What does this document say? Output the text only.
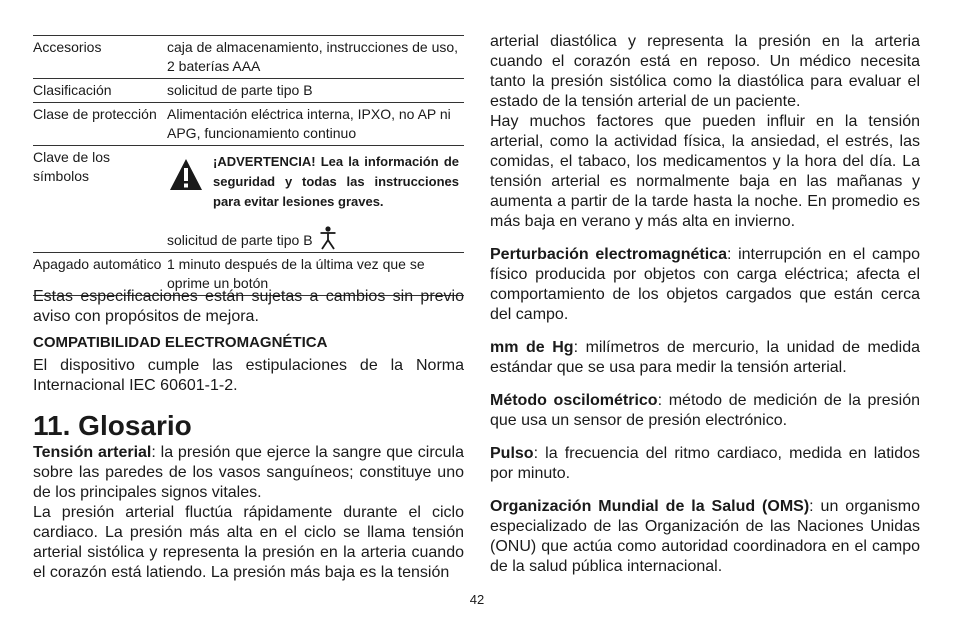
Accesorios	caja de almacenamiento, instrucciones de uso, 2 baterías AAA
Clasificación	solicitud de parte tipo B
Clase de protección	Alimentación eléctrica interna, IPXO, no AP ni APG, funcionamiento continuo
Clave de los símbolos	¡ADVERTENCIA! Lea la información de seguridad y todas las instrucciones para evitar lesiones graves.
solicitud de parte tipo B

Apagado automático	1 minuto después de la última vez que se oprime un botón

Estas especificaciones están sujetas a cambios sin previo aviso con propósitos de mejora.

COMPATIBILIDAD ELECTROMAGNÉTICA

El dispositivo cumple las estipulaciones de la Norma Internacional IEC 60601-1-2.

11. Glosario

Tensión arterial: la presión que ejerce la sangre que circula sobre las paredes de los vasos sanguíneos; constituye uno de los principales signos vitales.

La presión arterial fluctúa rápidamente durante el ciclo cardiaco. La presión más alta en el ciclo se llama tensión arterial sistólica y representa la presión en la arteria cuando el corazón está latiendo. La presión más baja es la tensión

arterial diastólica y representa la presión en la arteria cuando el corazón está en reposo. Un médico necesita tanto la presión sistólica como la diastólica para evaluar el estado de la tensión arterial de un paciente.

Hay muchos factores que pueden influir en la tensión arterial, como la actividad física, la ansiedad, el estrés, las comidas, el tabaco, los medicamentos y la hora del día. La tensión arterial es normalmente baja en las mañanas y aumenta a partir de la tarde hasta la noche. En promedio es más baja en verano y más alta en invierno.

Perturbación electromagnética: interrupción en el campo físico producida por objetos con carga eléctrica; afecta el comportamiento de los objetos cargados que están cerca del campo.

mm de Hg: milímetros de mercurio, la unidad de medida estándar que se usa para medir la tensión arterial.

Método oscilométrico: método de medición de la presión que usa un sensor de presión electrónico.

Pulso: la frecuencia del ritmo cardiaco, medida en latidos por minuto.

Organización Mundial de la Salud (OMS): un organismo especializado de las Organización de las Naciones Unidas (ONU) que actúa como autoridad coordinadora en el campo de la salud pública internacional.

42
